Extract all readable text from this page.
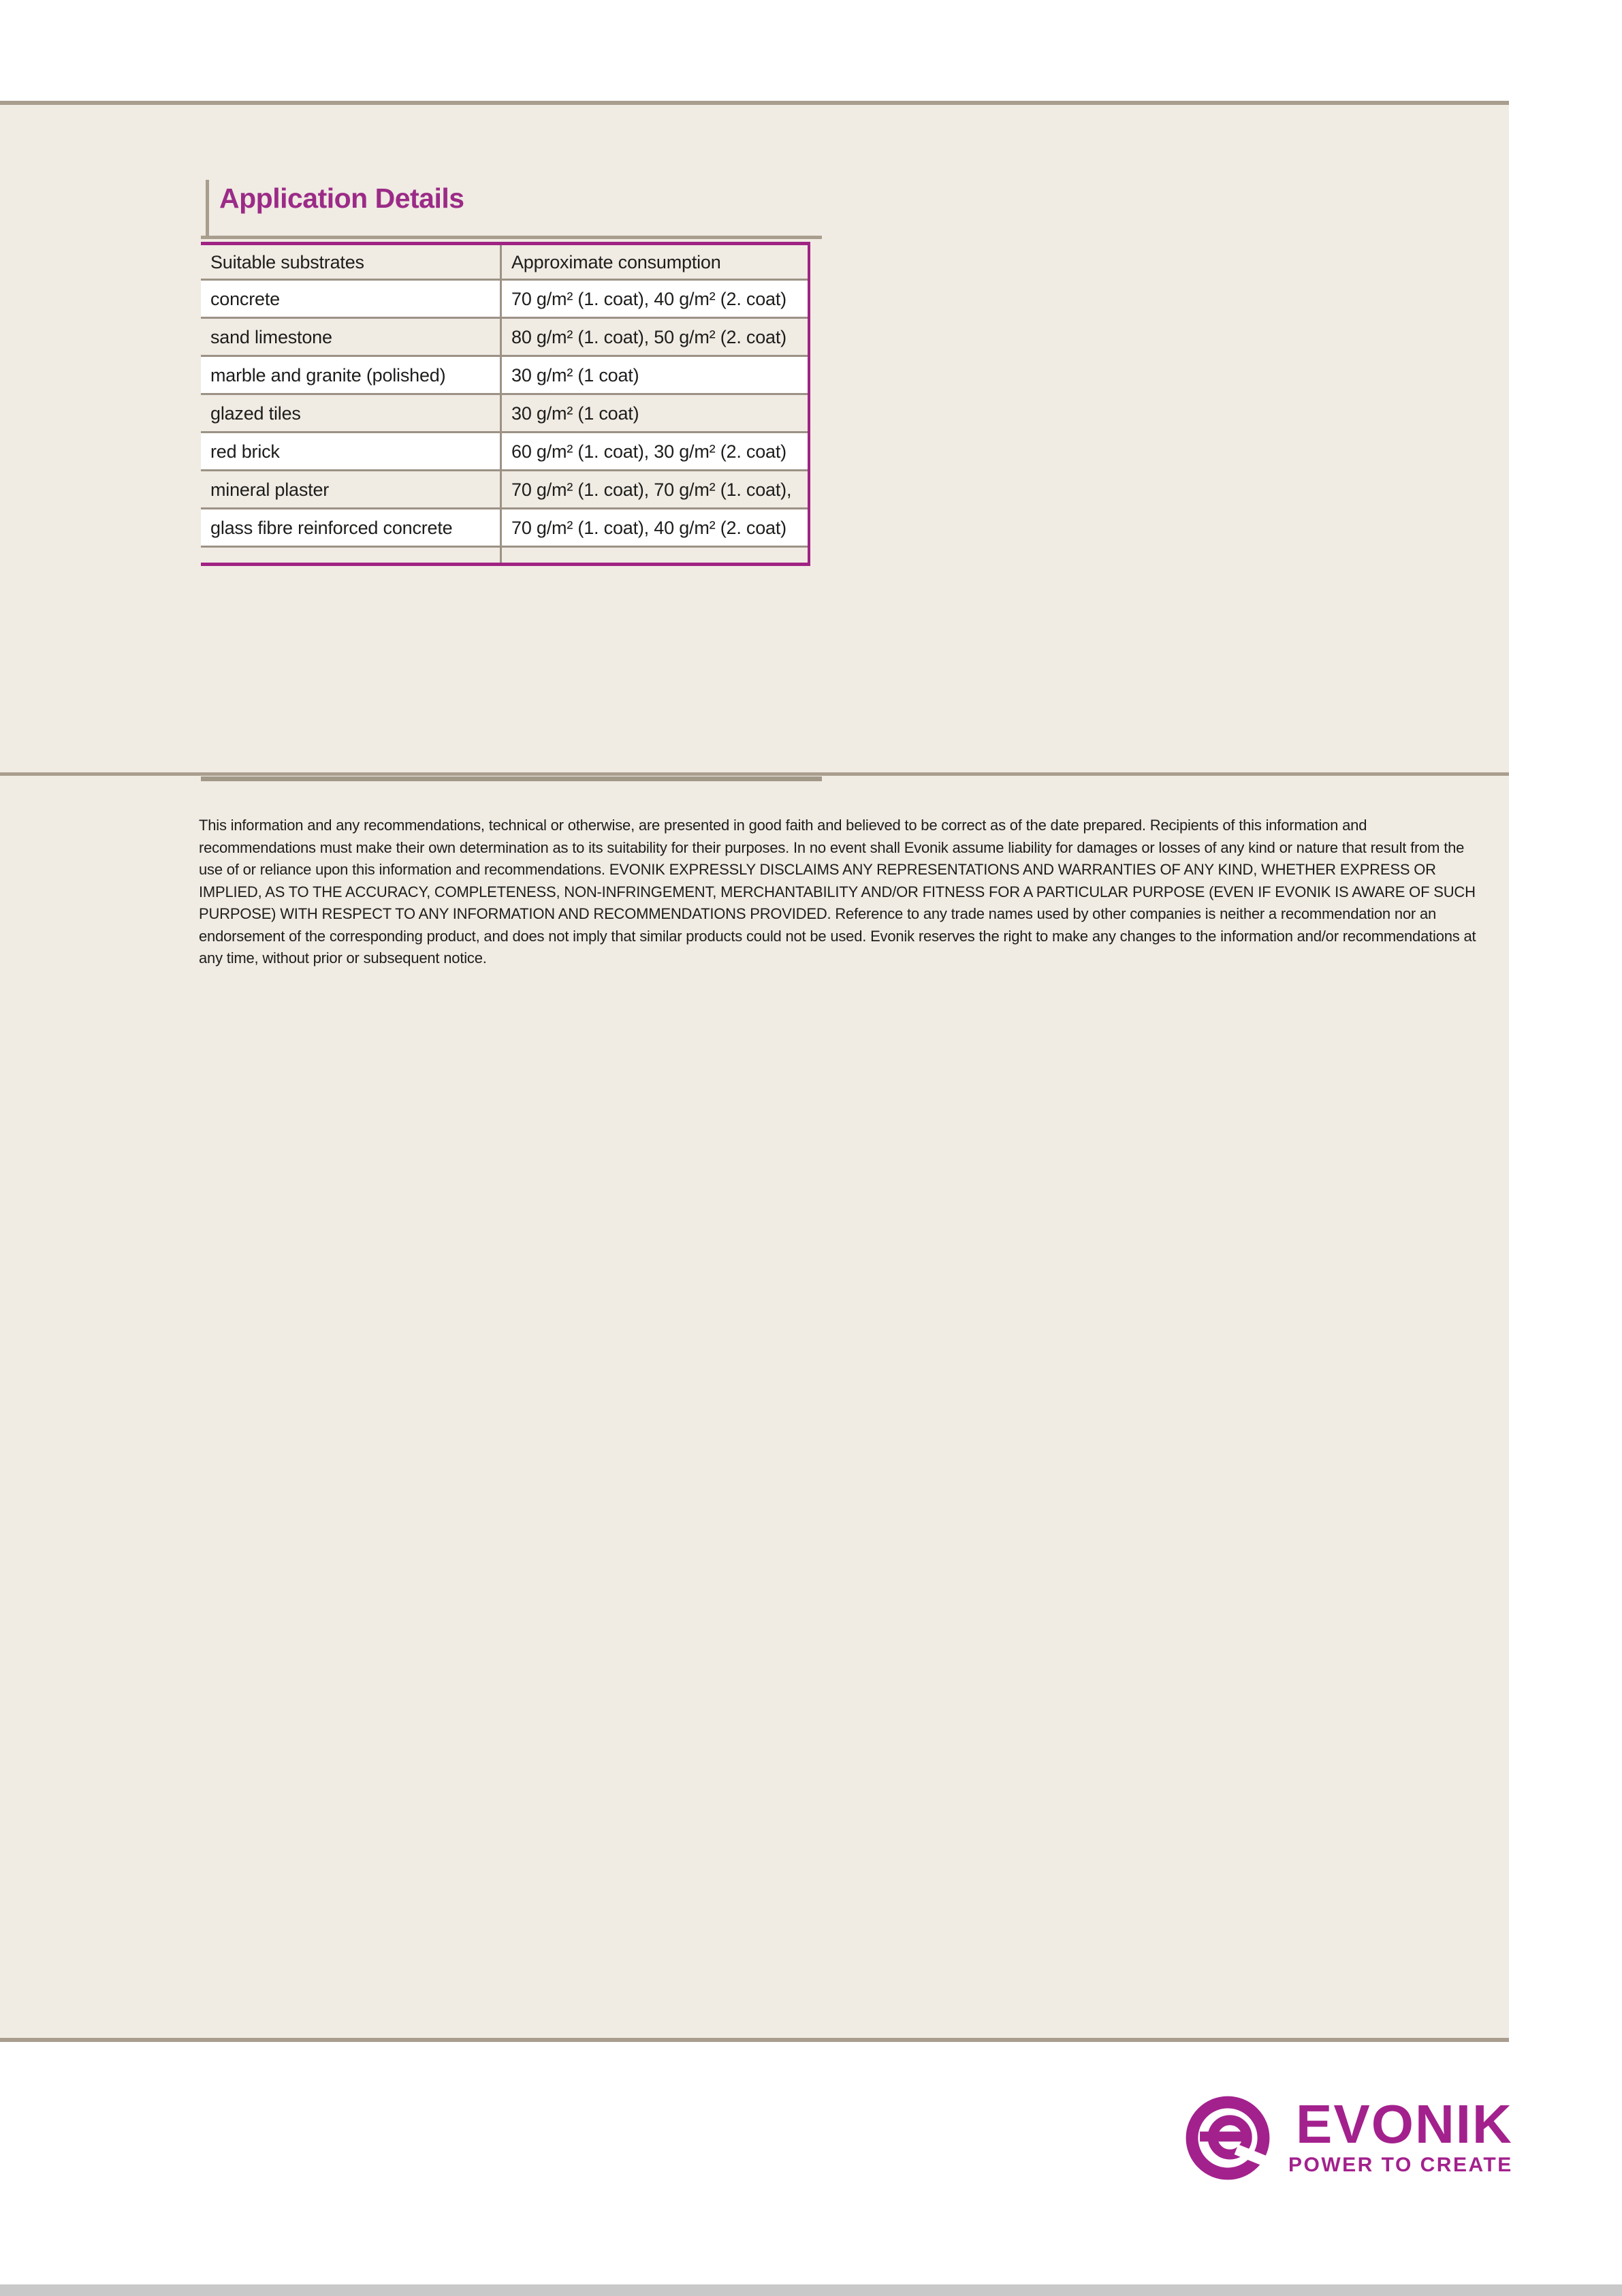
Application Details
Suitable substrates	Approximate consumption
concrete	70 g/m² (1. coat), 40 g/m² (2. coat)
sand limestone	80 g/m² (1. coat), 50 g/m² (2. coat)
marble and granite (polished)	30 g/m² (1 coat)
glazed tiles	30 g/m² (1 coat)
red brick	60 g/m² (1. coat), 30 g/m² (2. coat)
mineral plaster	70 g/m² (1. coat), 70 g/m² (1. coat),
glass fibre reinforced concrete	70 g/m² (1. coat), 40 g/m² (2. coat)

This information and any recommendations, technical or otherwise, are presented in good faith and believed to be correct as of the date prepared. Recipients of this information and recommendations must make their own determination as to its suitability for their purposes. In no event shall Evonik assume liability for damages or losses of any kind or nature that result from the use of or reliance upon this information and recommendations. EVONIK EXPRESSLY DISCLAIMS ANY REPRESENTATIONS AND WARRANTIES OF ANY KIND, WHETHER EXPRESS OR IMPLIED, AS TO THE ACCURACY, COMPLETENESS, NON-INFRINGEMENT, MERCHANTABILITY AND/OR FITNESS FOR A PARTICULAR PURPOSE (EVEN IF EVONIK IS AWARE OF SUCH PURPOSE) WITH RESPECT TO ANY INFORMATION AND RECOMMENDATIONS PROVIDED. Reference to any trade names used by other companies is neither a recommendation nor an endorsement of the corresponding product, and does not imply that similar products could not be used. Evonik reserves the right to make any changes to the information and/or recommendations at any time, without prior or subsequent notice.

EVONIK
POWER TO CREATE
